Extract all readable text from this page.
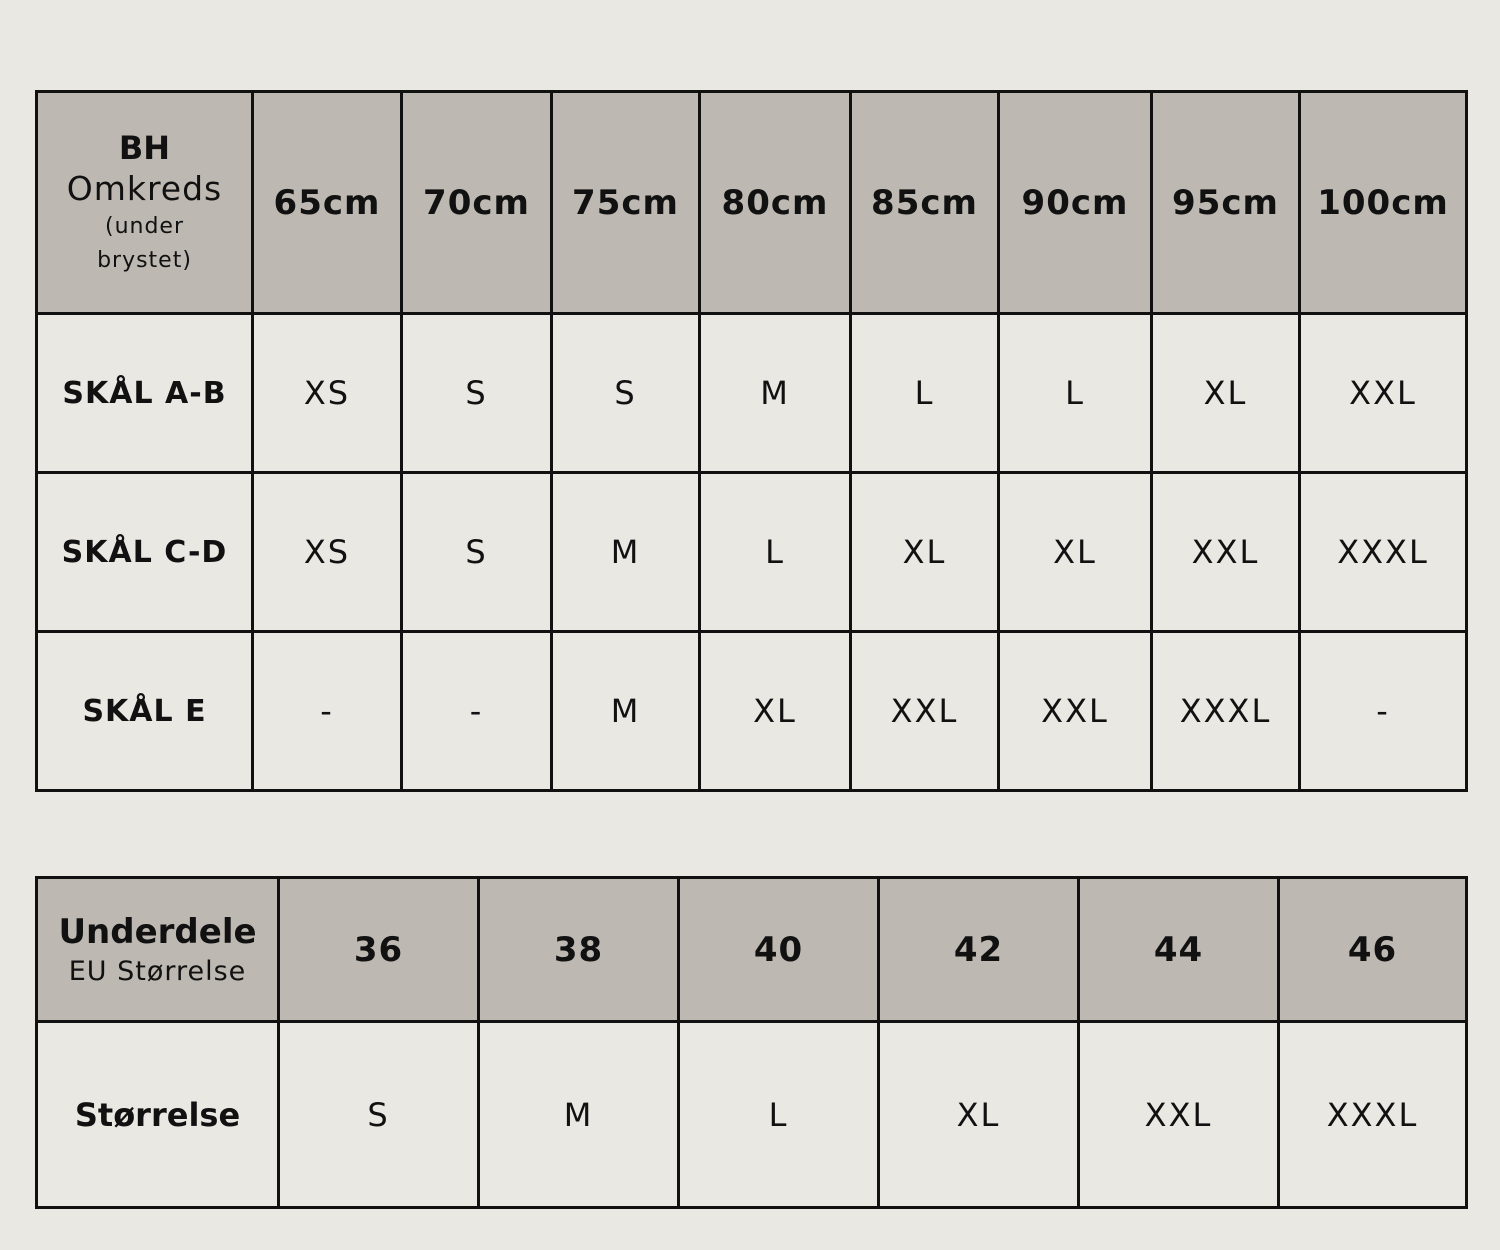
BH
Omkreds
(under
brystet)	65cm	70cm	75cm	80cm	85cm	90cm	95cm	100cm
SKÅL A-B	XS	S	S	M	L	L	XL	XXL
SKÅL C-D	XS	S	M	L	XL	XL	XXL	XXXL
SKÅL E	-	-	M	XL	XXL	XXL	XXXL	-
Underdele
EU Størrelse	36	38	40	42	44	46
Størrelse	S	M	L	XL	XXL	XXXL
